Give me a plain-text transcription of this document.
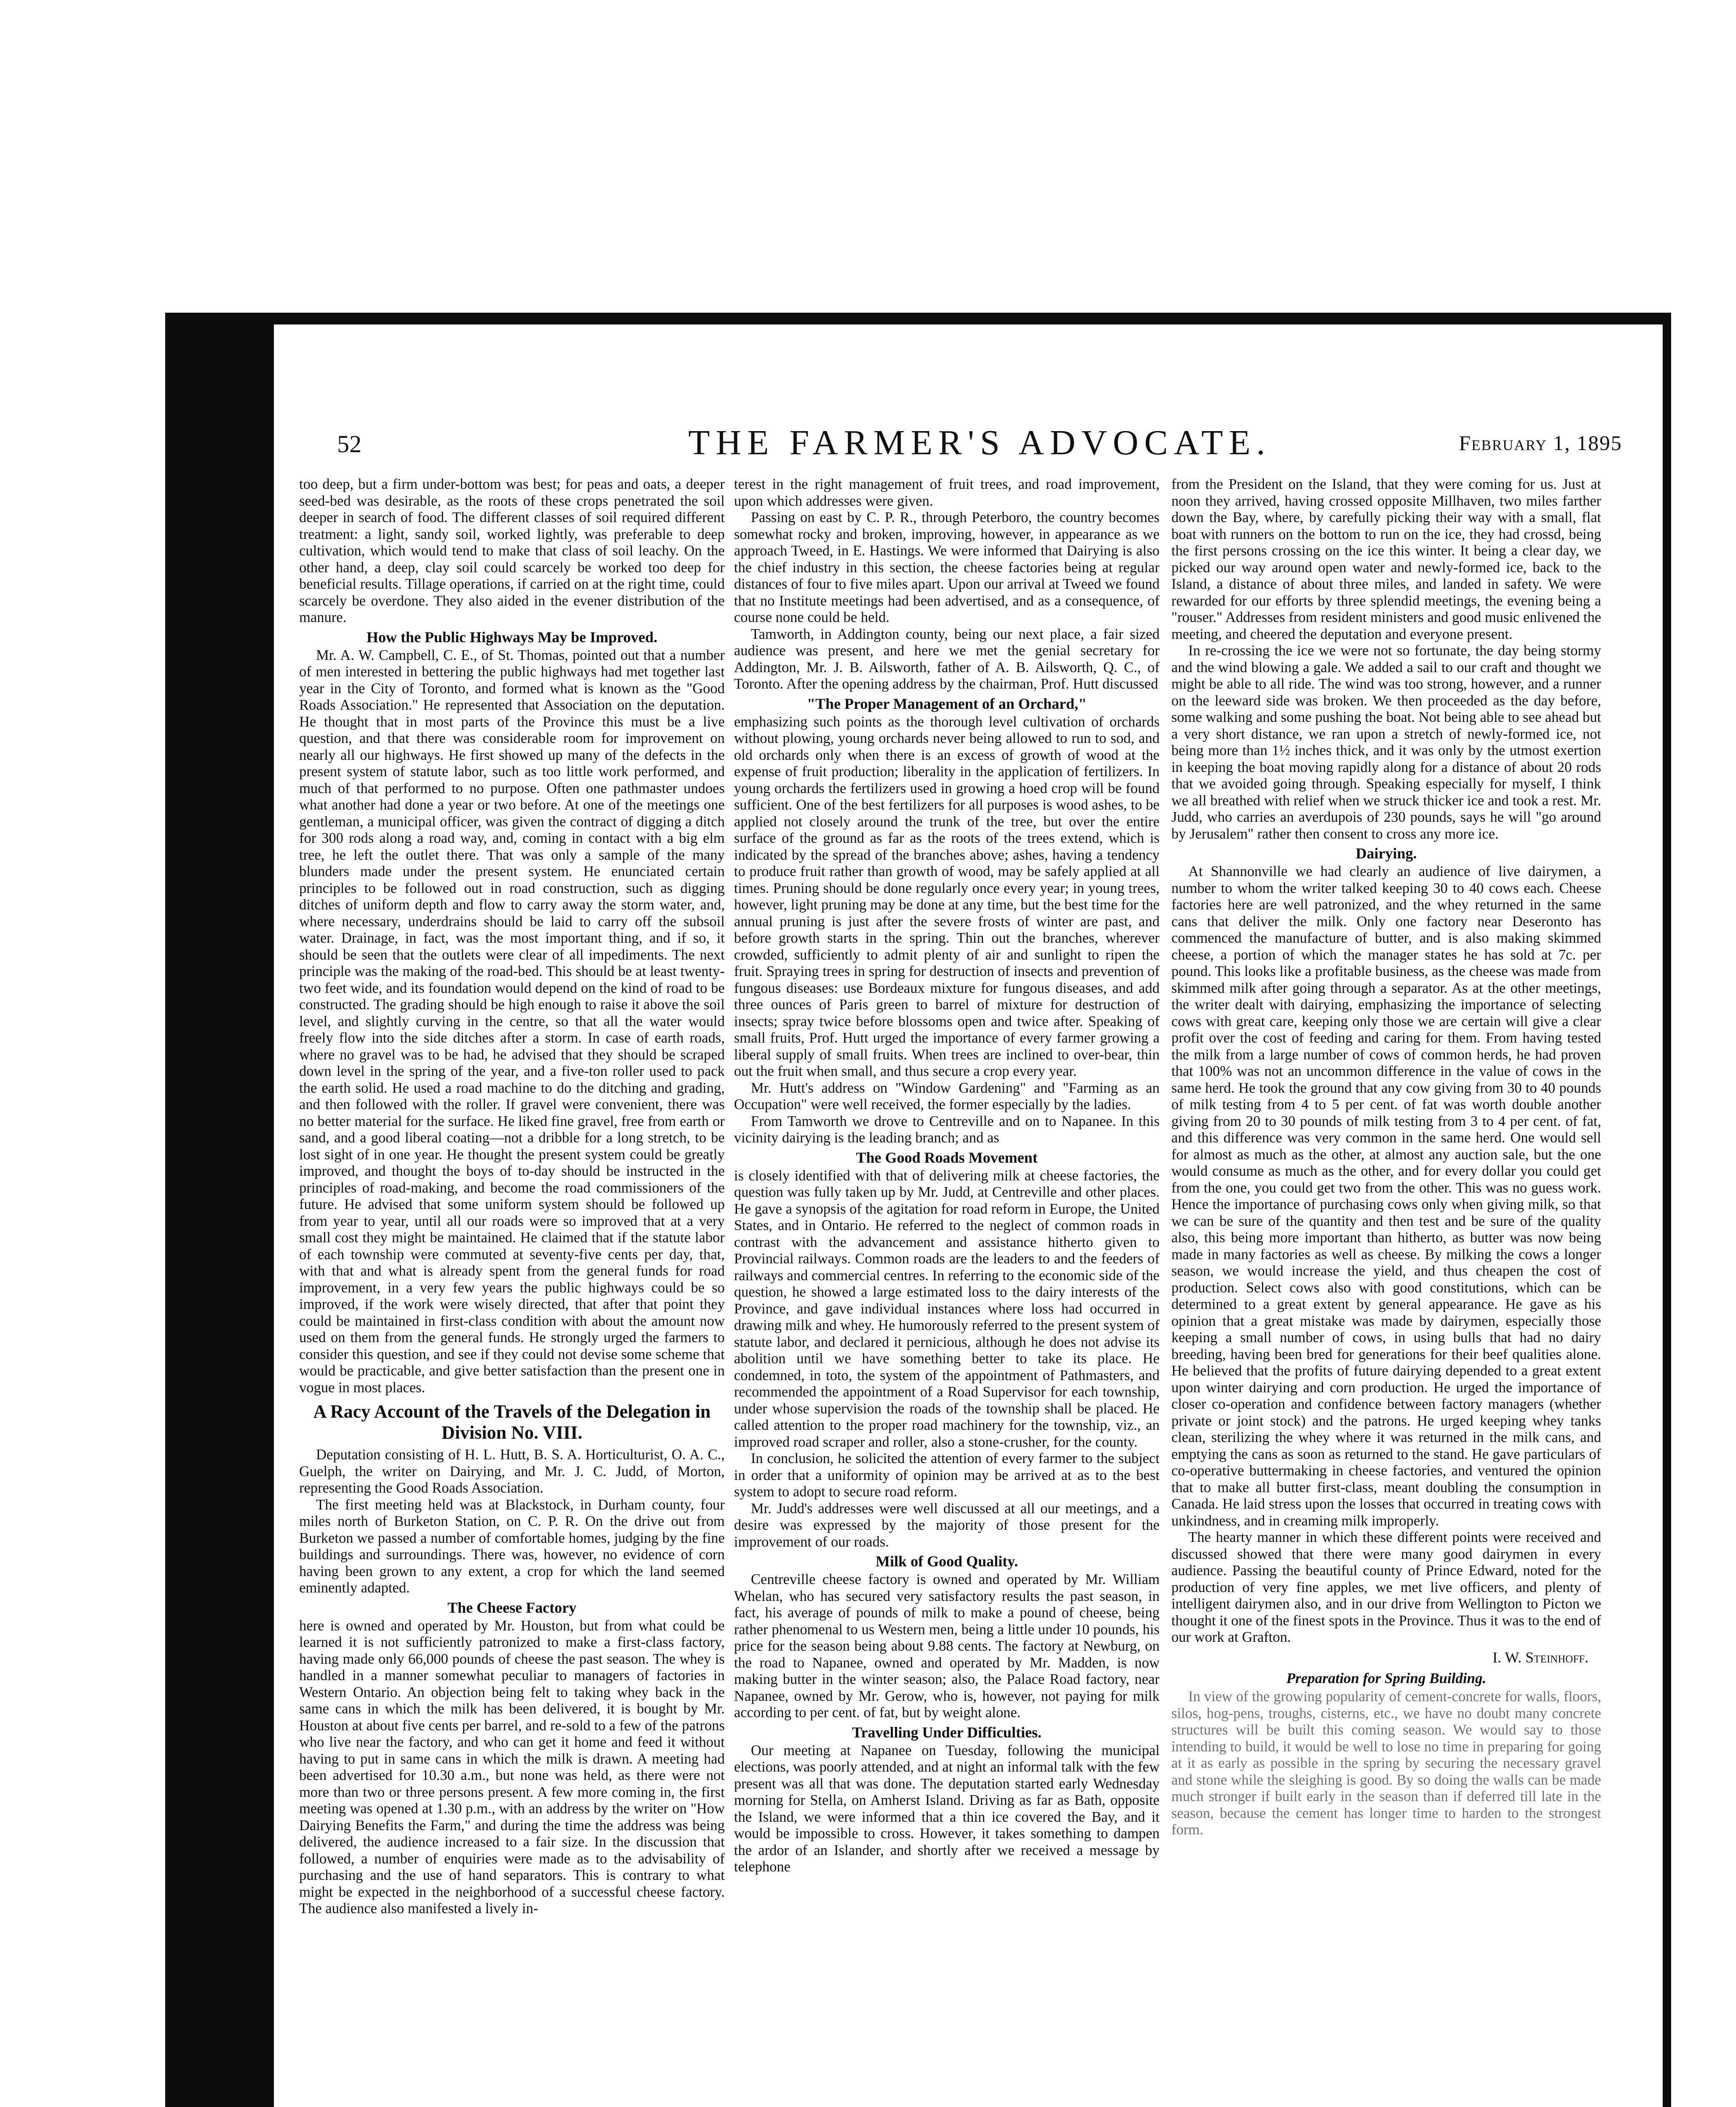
52	THE FARMER'S ADVOCATE.	February 1, 1895

too deep, but a firm under-bottom was best; for peas and oats, a deeper seed-bed was desirable, as the roots of these crops penetrated the soil deeper in search of food. The different classes of soil required different treatment: a light, sandy soil, worked lightly, was preferable to deep cultivation, which would tend to make that class of soil leachy. On the other hand, a deep, clay soil could scarcely be worked too deep for beneficial results. Tillage operations, if carried on at the right time, could scarcely be overdone. They also aided in the evener distribution of the manure.

How the Public Highways May be Improved.

Mr. A. W. Campbell, C. E., of St. Thomas, pointed out that a number of men interested in bettering the public highways had met together last year in the City of Toronto, and formed what is known as the "Good Roads Association." He represented that Association on the deputation. He thought that in most parts of the Province this must be a live question, and that there was considerable room for improvement on nearly all our highways. He first showed up many of the defects in the present system of statute labor, such as too little work performed, and much of that performed to no purpose. Often one pathmaster undoes what another had done a year or two before. At one of the meetings one gentleman, a municipal officer, was given the contract of digging a ditch for 300 rods along a road way, and, coming in contact with a big elm tree, he left the outlet there. That was only a sample of the many blunders made under the present system. He enunciated certain principles to be followed out in road construction, such as digging ditches of uniform depth and flow to carry away the storm water, and, where necessary, underdrains should be laid to carry off the subsoil water. Drainage, in fact, was the most important thing, and if so, it should be seen that the outlets were clear of all impediments. The next principle was the making of the road-bed. This should be at least twenty-two feet wide, and its foundation would depend on the kind of road to be constructed. The grading should be high enough to raise it above the soil level, and slightly curving in the centre, so that all the water would freely flow into the side ditches after a storm. In case of earth roads, where no gravel was to be had, he advised that they should be scraped down level in the spring of the year, and a five-ton roller used to pack the earth solid. He used a road machine to do the ditching and grading, and then followed with the roller. If gravel were convenient, there was no better material for the surface. He liked fine gravel, free from earth or sand, and a good liberal coating—not a dribble for a long stretch, to be lost sight of in one year. He thought the present system could be greatly improved, and thought the boys of to-day should be instructed in the principles of road-making, and become the road commissioners of the future. He advised that some uniform system should be followed up from year to year, until all our roads were so improved that at a very small cost they might be maintained. He claimed that if the statute labor of each township were commuted at seventy-five cents per day, that, with that and what is already spent from the general funds for road improvement, in a very few years the public highways could be so improved, if the work were wisely directed, that after that point they could be maintained in first-class condition with about the amount now used on them from the general funds. He strongly urged the farmers to consider this question, and see if they could not devise some scheme that would be practicable, and give better satisfaction than the present one in vogue in most places.

A Racy Account of the Travels of the Delegation in Division No. VIII.

Deputation consisting of H. L. Hutt, B. S. A. Horticulturist, O. A. C., Guelph, the writer on Dairying, and Mr. J. C. Judd, of Morton, representing the Good Roads Association.

The first meeting held was at Blackstock, in Durham county, four miles north of Burketon Station, on C. P. R. On the drive out from Burketon we passed a number of comfortable homes, judging by the fine buildings and surroundings. There was, however, no evidence of corn having been grown to any extent, a crop for which the land seemed eminently adapted.

The Cheese Factory

here is owned and operated by Mr. Houston, but from what could be learned it is not sufficiently patronized to make a first-class factory, having made only 66,000 pounds of cheese the past season. The whey is handled in a manner somewhat peculiar to managers of factories in Western Ontario. An objection being felt to taking whey back in the same cans in which the milk has been delivered, it is bought by Mr. Houston at about five cents per barrel, and re-sold to a few of the patrons who live near the factory, and who can get it home and feed it without having to put in same cans in which the milk is drawn. A meeting had been advertised for 10.30 a.m., but none was held, as there were not more than two or three persons present. A few more coming in, the first meeting was opened at 1.30 p.m., with an address by the writer on "How Dairying Benefits the Farm," and during the time the address was being delivered, the audience increased to a fair size. In the discussion that followed, a number of enquiries were made as to the advisability of purchasing and the use of hand separators. This is contrary to what might be expected in the neighborhood of a successful cheese factory. The audience also manifested a lively in-

terest in the right management of fruit trees, and road improvement, upon which addresses were given.

Passing on east by C. P. R., through Peterboro, the country becomes somewhat rocky and broken, improving, however, in appearance as we approach Tweed, in E. Hastings. We were informed that Dairying is also the chief industry in this section, the cheese factories being at regular distances of four to five miles apart. Upon our arrival at Tweed we found that no Institute meetings had been advertised, and as a consequence, of course none could be held.

Tamworth, in Addington county, being our next place, a fair sized audience was present, and here we met the genial secretary for Addington, Mr. J. B. Ailsworth, father of A. B. Ailsworth, Q. C., of Toronto. After the opening address by the chairman, Prof. Hutt discussed

"The Proper Management of an Orchard,"

emphasizing such points as the thorough level cultivation of orchards without plowing, young orchards never being allowed to run to sod, and old orchards only when there is an excess of growth of wood at the expense of fruit production; liberality in the application of fertilizers. In young orchards the fertilizers used in growing a hoed crop will be found sufficient. One of the best fertilizers for all purposes is wood ashes, to be applied not closely around the trunk of the tree, but over the entire surface of the ground as far as the roots of the trees extend, which is indicated by the spread of the branches above; ashes, having a tendency to produce fruit rather than growth of wood, may be safely applied at all times. Pruning should be done regularly once every year; in young trees, however, light pruning may be done at any time, but the best time for the annual pruning is just after the severe frosts of winter are past, and before growth starts in the spring. Thin out the branches, wherever crowded, sufficiently to admit plenty of air and sunlight to ripen the fruit. Spraying trees in spring for destruction of insects and prevention of fungous diseases: use Bordeaux mixture for fungous diseases, and add three ounces of Paris green to barrel of mixture for destruction of insects; spray twice before blossoms open and twice after. Speaking of small fruits, Prof. Hutt urged the importance of every farmer growing a liberal supply of small fruits. When trees are inclined to over-bear, thin out the fruit when small, and thus secure a crop every year.

Mr. Hutt's address on "Window Gardening" and "Farming as an Occupation" were well received, the former especially by the ladies.

From Tamworth we drove to Centreville and on to Napanee. In this vicinity dairying is the leading branch; and as

The Good Roads Movement

is closely identified with that of delivering milk at cheese factories, the question was fully taken up by Mr. Judd, at Centreville and other places. He gave a synopsis of the agitation for road reform in Europe, the United States, and in Ontario. He referred to the neglect of common roads in contrast with the advancement and assistance hitherto given to Provincial railways. Common roads are the leaders to and the feeders of railways and commercial centres. In referring to the economic side of the question, he showed a large estimated loss to the dairy interests of the Province, and gave individual instances where loss had occurred in drawing milk and whey. He humorously referred to the present system of statute labor, and declared it pernicious, although he does not advise its abolition until we have something better to take its place. He condemned, in toto, the system of the appointment of Pathmasters, and recommended the appointment of a Road Supervisor for each township, under whose supervision the roads of the township shall be placed. He called attention to the proper road machinery for the township, viz., an improved road scraper and roller, also a stone-crusher, for the county.

In conclusion, he solicited the attention of every farmer to the subject in order that a uniformity of opinion may be arrived at as to the best system to adopt to secure road reform.

Mr. Judd's addresses were well discussed at all our meetings, and a desire was expressed by the majority of those present for the improvement of our roads.

Milk of Good Quality.

Centreville cheese factory is owned and operated by Mr. William Whelan, who has secured very satisfactory results the past season, in fact, his average of pounds of milk to make a pound of cheese, being rather phenomenal to us Western men, being a little under 10 pounds, his price for the season being about 9.88 cents. The factory at Newburg, on the road to Napanee, owned and operated by Mr. Madden, is now making butter in the winter season; also, the Palace Road factory, near Napanee, owned by Mr. Gerow, who is, however, not paying for milk according to per cent. of fat, but by weight alone.

Travelling Under Difficulties.

Our meeting at Napanee on Tuesday, following the municipal elections, was poorly attended, and at night an informal talk with the few present was all that was done. The deputation started early Wednesday morning for Stella, on Amherst Island. Driving as far as Bath, opposite the Island, we were informed that a thin ice covered the Bay, and it would be impossible to cross. However, it takes something to dampen the ardor of an Islander, and shortly after we received a message by telephone

from the President on the Island, that they were coming for us. Just at noon they arrived, having crossed opposite Millhaven, two miles farther down the Bay, where, by carefully picking their way with a small, flat boat with runners on the bottom to run on the ice, they had crossd, being the first persons crossing on the ice this winter. It being a clear day, we picked our way around open water and newly-formed ice, back to the Island, a distance of about three miles, and landed in safety. We were rewarded for our efforts by three splendid meetings, the evening being a "rouser." Addresses from resident ministers and good music enlivened the meeting, and cheered the deputation and everyone present.

In re-crossing the ice we were not so fortunate, the day being stormy and the wind blowing a gale. We added a sail to our craft and thought we might be able to all ride. The wind was too strong, however, and a runner on the leeward side was broken. We then proceeded as the day before, some walking and some pushing the boat. Not being able to see ahead but a very short distance, we ran upon a stretch of newly-formed ice, not being more than 1½ inches thick, and it was only by the utmost exertion in keeping the boat moving rapidly along for a distance of about 20 rods that we avoided going through. Speaking especially for myself, I think we all breathed with relief when we struck thicker ice and took a rest. Mr. Judd, who carries an averdupois of 230 pounds, says he will "go around by Jerusalem" rather then consent to cross any more ice.

Dairying.

At Shannonville we had clearly an audience of live dairymen, a number to whom the writer talked keeping 30 to 40 cows each. Cheese factories here are well patronized, and the whey returned in the same cans that deliver the milk. Only one factory near Deseronto has commenced the manufacture of butter, and is also making skimmed cheese, a portion of which the manager states he has sold at 7c. per pound. This looks like a profitable business, as the cheese was made from skimmed milk after going through a separator. As at the other meetings, the writer dealt with dairying, emphasizing the importance of selecting cows with great care, keeping only those we are certain will give a clear profit over the cost of feeding and caring for them. From having tested the milk from a large number of cows of common herds, he had proven that 100% was not an uncommon difference in the value of cows in the same herd. He took the ground that any cow giving from 30 to 40 pounds of milk testing from 4 to 5 per cent. of fat was worth double another giving from 20 to 30 pounds of milk testing from 3 to 4 per cent. of fat, and this difference was very common in the same herd. One would sell for almost as much as the other, at almost any auction sale, but the one would consume as much as the other, and for every dollar you could get from the one, you could get two from the other. This was no guess work. Hence the importance of purchasing cows only when giving milk, so that we can be sure of the quantity and then test and be sure of the quality also, this being more important than hitherto, as butter was now being made in many factories as well as cheese. By milking the cows a longer season, we would increase the yield, and thus cheapen the cost of production. Select cows also with good constitutions, which can be determined to a great extent by general appearance. He gave as his opinion that a great mistake was made by dairymen, especially those keeping a small number of cows, in using bulls that had no dairy breeding, having been bred for generations for their beef qualities alone. He believed that the profits of future dairying depended to a great extent upon winter dairying and corn production. He urged the importance of closer co-operation and confidence between factory managers (whether private or joint stock) and the patrons. He urged keeping whey tanks clean, sterilizing the whey where it was returned in the milk cans, and emptying the cans as soon as returned to the stand. He gave particulars of co-operative buttermaking in cheese factories, and ventured the opinion that to make all butter first-class, meant doubling the consumption in Canada. He laid stress upon the losses that occurred in treating cows with unkindness, and in creaming milk improperly.

The hearty manner in which these different points were received and discussed showed that there were many good dairymen in every audience. Passing the beautiful county of Prince Edward, noted for the production of very fine apples, we met live officers, and plenty of intelligent dairymen also, and in our drive from Wellington to Picton we thought it one of the finest spots in the Province. Thus it was to the end of our work at Grafton.

I. W. Steinhoff.
Preparation for Spring Building.

In view of the growing popularity of cement-concrete for walls, floors, silos, hog-pens, troughs, cisterns, etc., we have no doubt many concrete structures will be built this coming season. We would say to those intending to build, it would be well to lose no time in preparing for going at it as early as possible in the spring by securing the necessary gravel and stone while the sleighing is good. By so doing the walls can be made much stronger if built early in the season than if deferred till late in the season, because the cement has longer time to harden to the strongest form.
